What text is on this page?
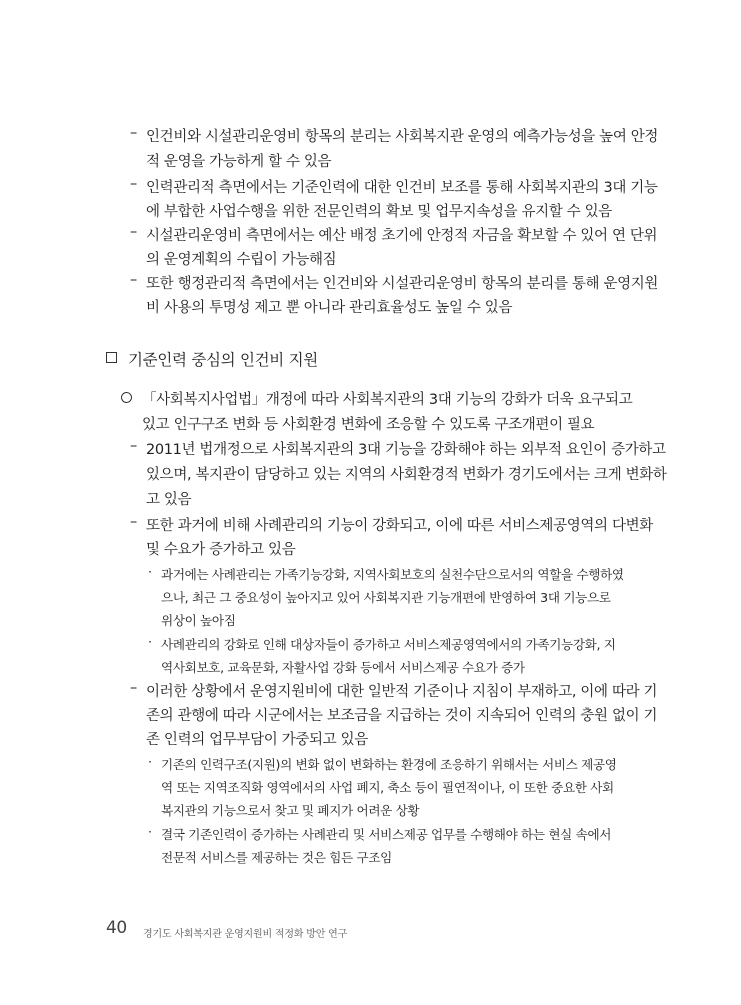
– 인건비와 시설관리운영비 항목의 분리는 사회복지관 운영의 예측가능성을 높여 안정
적 운영을 가능하게 할 수 있음
– 인력관리적 측면에서는 기준인력에 대한 인건비 보조를 통해 사회복지관의 3대 기능
에 부합한 사업수행을 위한 전문인력의 확보 및 업무지속성을 유지할 수 있음
– 시설관리운영비 측면에서는 예산 배정 초기에 안정적 자금을 확보할 수 있어 연 단위
의 운영계획의 수립이 가능해짐
– 또한 행정관리적 측면에서는 인건비와 시설관리운영비 항목의 분리를 통해 운영지원
비 사용의 투명성 제고 뿐 아니라 관리효율성도 높일 수 있음
기준인력 중심의 인건비 지원
「사회복지사업법」개정에 따라 사회복지관의 3대 기능의 강화가 더욱 요구되고
있고 인구구조 변화 등 사회환경 변화에 조응할 수 있도록 구조개편이 필요
– 2011년 법개정으로 사회복지관의 3대 기능을 강화해야 하는 외부적 요인이 증가하고
있으며, 복지관이 담당하고 있는 지역의 사회환경적 변화가 경기도에서는 크게 변화하
고 있음
– 또한 과거에 비해 사례관리의 기능이 강화되고, 이에 따른 서비스제공영역의 다변화
및 수요가 증가하고 있음
· 과거에는 사례관리는 가족기능강화, 지역사회보호의 실천수단으로서의 역할을 수행하였
으나, 최근 그 중요성이 높아지고 있어 사회복지관 기능개편에 반영하여 3대 기능으로
위상이 높아짐
· 사례관리의 강화로 인해 대상자들이 증가하고 서비스제공영역에서의 가족기능강화, 지
역사회보호, 교육문화, 자활사업 강화 등에서 서비스제공 수요가 증가
– 이러한 상황에서 운영지원비에 대한 일반적 기준이나 지침이 부재하고, 이에 따라 기
존의 관행에 따라 시군에서는 보조금을 지급하는 것이 지속되어 인력의 충원 없이 기
존 인력의 업무부담이 가중되고 있음
· 기존의 인력구조(지원)의 변화 없이 변화하는 환경에 조응하기 위해서는 서비스 제공영
역 또는 지역조직화 영역에서의 사업 폐지, 축소 등이 필연적이나, 이 또한 중요한 사회
복지관의 기능으로서 찾고 및 폐지가 어려운 상황
· 결국 기존인력이 증가하는 사례관리 및 서비스제공 업무를 수행해야 하는 현실 속에서
전문적 서비스를 제공하는 것은 힘든 구조임
40 경기도 사회복지관 운영지원비 적정화 방안 연구
